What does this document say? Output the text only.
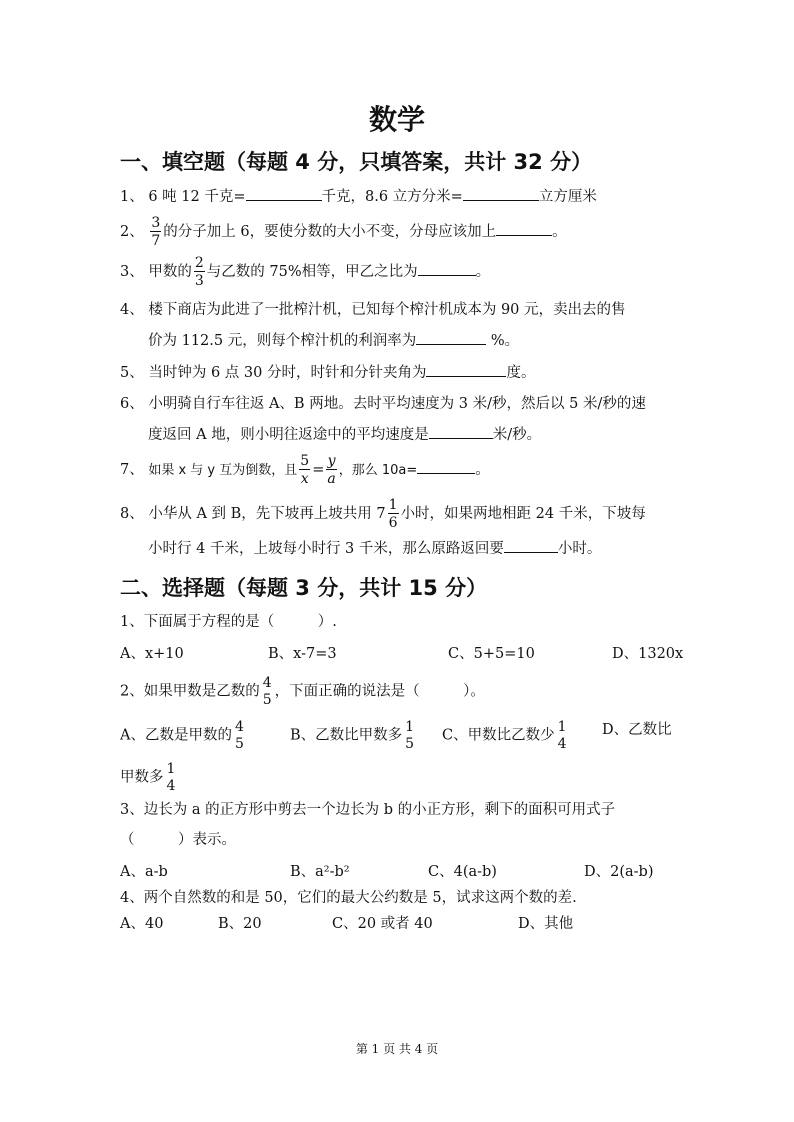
数学
一、填空题（每题 4 分，只填答案，共计 32 分）
1、 6 吨 12 千克=	千克，8.6 立方分米=	立方厘米
2、 $\frac{3}{7}$ 的分子加上 6，要使分数的大小不变，分母应该加上	。
3、 甲数的 $\frac{2}{3}$ 与乙数的 75%相等，甲乙之比为	。
4、 楼下商店为此进了一批榨汁机，已知每个榨汁机成本为 90 元，卖出去的售
价为 112.5 元，则每个榨汁机的利润率为	%。
5、 当时钟为 6 点 30 分时，时针和分针夹角为	度。
6、 小明骑自行车往返 A、B 两地。去时平均速度为 3 米/秒，然后以 5 米/秒的速
度返回 A 地，则小明往返途中的平均速度是	米/秒。
7、 如果 x 与 y 互为倒数，且 $\frac{5}{x} = \frac{y}{a}$ ，那么 10a=	。
8、 小华从 A 到 B，先下坡再上坡共用 $7 \frac{1}{6}$ 小时，如果两地相距 24 千米，下坡每
小时行 4 千米，上坡每小时行 3 千米，那么原路返回要	小时。
二、选择题（每题 3 分，共计 15 分）
1、下面属于方程的是（　　　）.
A、x+10	B、x-7=3	C、5+5=10	D、1320x
2、如果甲数是乙数的
4
5
，下面正确的说法是（　　　）。
A、乙数是甲数的
4
5
B、乙数比甲数多
1
5
C、甲数比乙数少
1
4
D、乙数比
甲数多
1
4
3、边长为 a 的正方形中剪去一个边长为 b 的小正方形，剩下的面积可用式子
（　　　）表示。
A、a-b	B、a²-b²	C、4(a-b)	D、2(a-b)
4、两个自然数的和是 50，它们的最大公约数是 5，试求这两个数的差.
A、40	B、20	C、20 或者 40	D、其他
第 1 页 共 4 页
